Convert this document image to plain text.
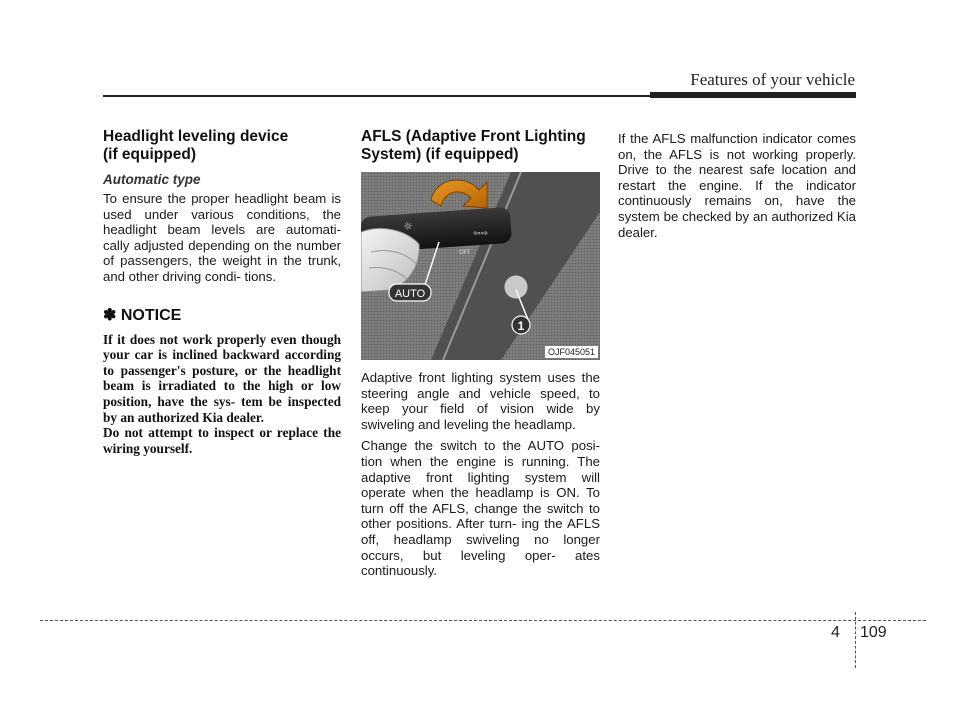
Features of your vehicle
Headlight leveling device
(if equipped)
Automatic type

To ensure the proper headlight beam is used under various conditions, the headlight beam levels are automati- cally adjusted depending on the number of passengers, the weight in the trunk, and other driving condi- tions.

✽ NOTICE

If it does not work properly even though your car is inclined backward according to passenger's posture, or the headlight beam is irradiated to the high or low position, have the sys- tem be inspected by an authorized Kia dealer.

Do not attempt to inspect or replace the wiring yourself.

AFLS (Adaptive Front Lighting System) (if equipped)
☼
⇦⇨
OFF
AUTO
1
OJF045051

Adaptive front lighting system uses the steering angle and vehicle speed, to keep your field of vision wide by swiveling and leveling the headlamp.

Change the switch to the AUTO posi- tion when the engine is running. The adaptive front lighting system will operate when the headlamp is ON. To turn off the AFLS, change the switch to other positions. After turn- ing the AFLS off, headlamp swiveling no longer occurs, but leveling oper- ates continuously.

If the AFLS malfunction indicator comes on, the AFLS is not working properly. Drive to the nearest safe location and restart the engine. If the indicator continuously remains on, have the system be checked by an authorized Kia dealer.

4 109
